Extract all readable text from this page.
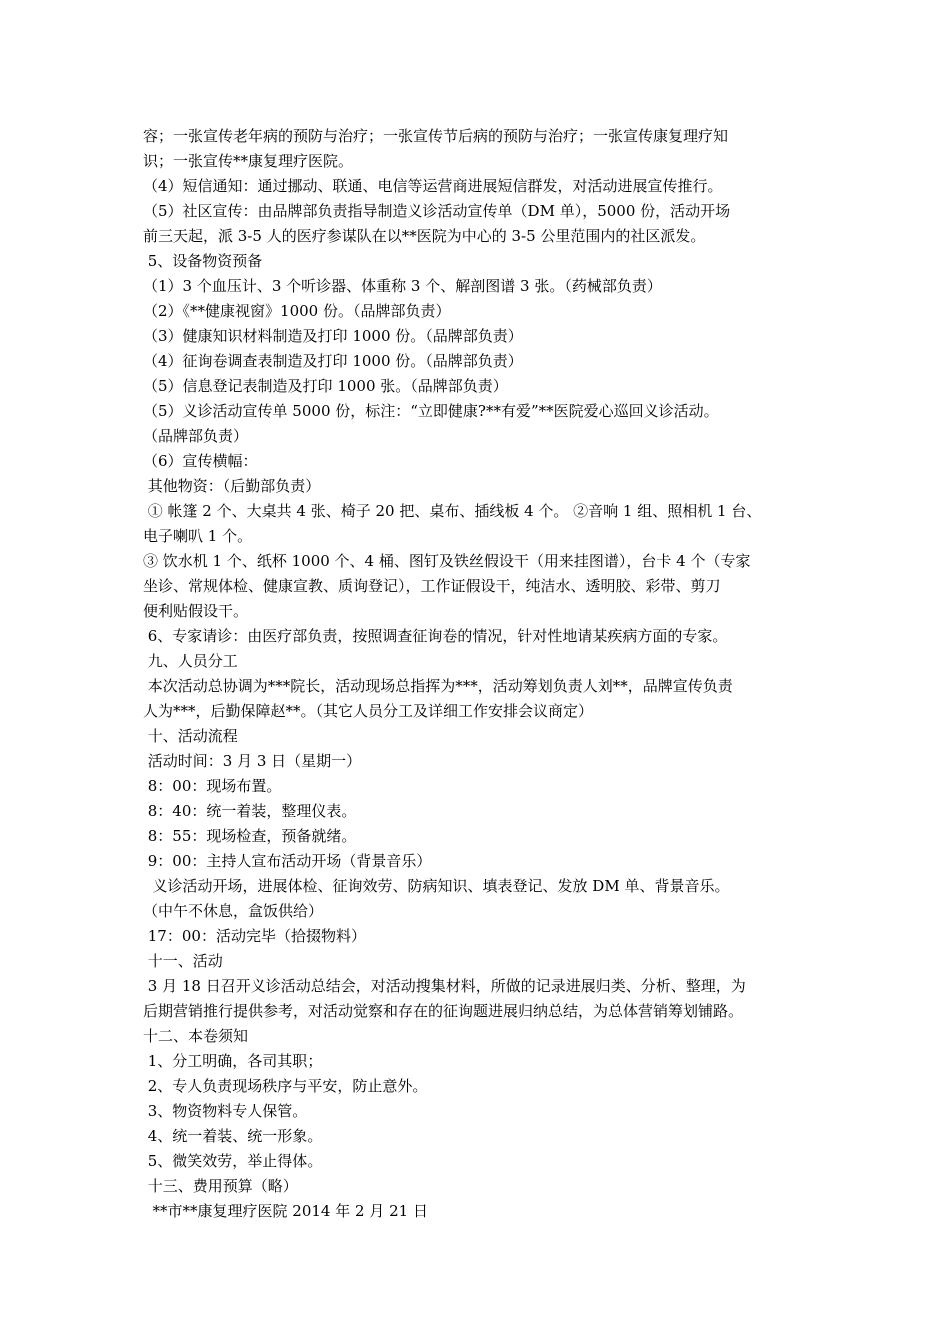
容；一张宣传老年病的预防与治疗；一张宣传节后病的预防与治疗；一张宣传康复理疗知
识；一张宣传**康复理疗医院。
（4）短信通知：通过挪动、联通、电信等运营商进展短信群发，对活动进展宣传推行。
（5）社区宣传：由品牌部负责指导制造义诊活动宣传单（DM 单），5000 份，活动开场
前三天起，派 3-5 人的医疗参谋队在以**医院为中心的 3-5 公里范围内的社区派发。
5、设备物资预备
（1）3 个血压计、3 个听诊器、体重称 3 个、解剖图谱 3 张。（药械部负责）
（2）《**健康视窗》1000 份。（品牌部负责）
（3）健康知识材料制造及打印 1000 份。（品牌部负责）
（4）征询卷调查表制造及打印 1000 份。（品牌部负责）
（5）信息登记表制造及打印 1000 张。（品牌部负责）
（5）义诊活动宣传单 5000 份，标注：“立即健康?**有爱”**医院爱心巡回义诊活动。
（品牌部负责）
（6）宣传横幅：
其他物资：（后勤部负责）
① 帐篷 2 个、大桌共 4 张、椅子 20 把、桌布、插线板 4 个。 ②音响 1 组、照相机 1 台、
电子喇叭 1 个。
③ 饮水机 1 个、纸杯 1000 个、4 桶、图钉及铁丝假设干（用来挂图谱），台卡 4 个（专家
坐诊、常规体检、健康宣教、质询登记），工作证假设干，纯洁水、透明胶、彩带、剪刀
便利贴假设干。
6、专家请诊：由医疗部负责，按照调查征询卷的情况，针对性地请某疾病方面的专家。
九、人员分工
本次活动总协调为***院长，活动现场总指挥为***，活动筹划负责人刘**，品牌宣传负责
人为***，后勤保障赵**。（其它人员分工及详细工作安排会议商定）
十、活动流程
活动时间：3 月 3 日（星期一）
8：00：现场布置。
8：40：统一着装，整理仪表。
8：55：现场检查，预备就绪。
9：00：主持人宣布活动开场（背景音乐）
义诊活动开场，进展体检、征询效劳、防病知识、填表登记、发放 DM 单、背景音乐。
（中午不休息，盒饭供给）
17：00：活动完毕（拾掇物料）
十一、活动
3 月 18 日召开义诊活动总结会，对活动搜集材料，所做的记录进展归类、分析、整理，为
后期营销推行提供参考，对活动觉察和存在的征询题进展归纳总结，为总体营销筹划铺路。
十二、本卷须知
1、分工明确，各司其职；
2、专人负责现场秩序与平安，防止意外。
3、物资物料专人保管。
4、统一着装、统一形象。
5、微笑效劳，举止得体。
十三、费用预算（略）
**市**康复理疗医院 2014 年 2 月 21 日
